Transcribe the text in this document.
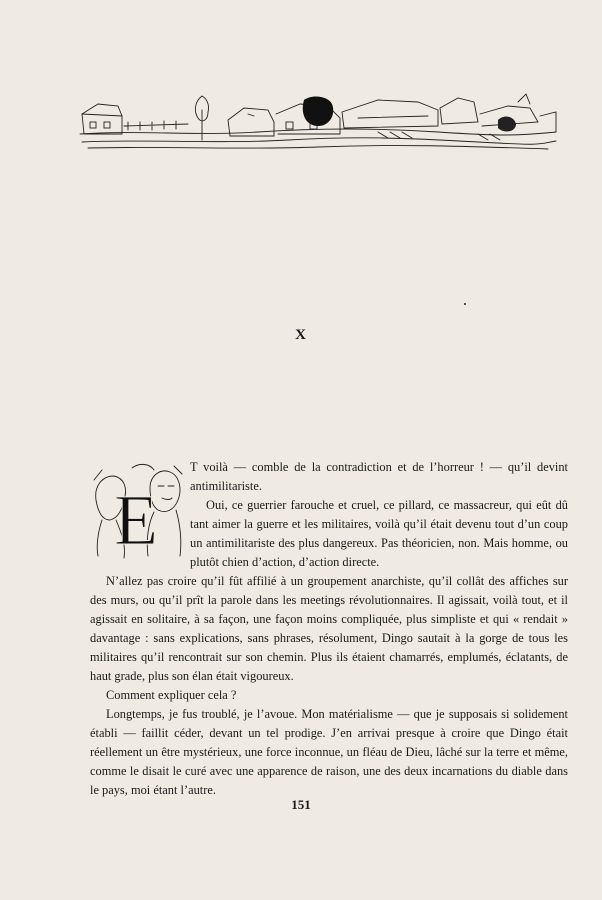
X
E

T voilà — comble de la contradiction et de l’horreur ! — qu’il devint antimilitariste.

Oui, ce guerrier farouche et cruel, ce pillard, ce massacreur, qui eût dû tant aimer la guerre et les militaires, voilà qu’il était devenu tout d’un coup un antimilitariste des plus dangereux. Pas théoricien, non. Mais homme, ou plutôt chien d’action, d’action directe.

N’allez pas croire qu’il fût affilié à un groupement anarchiste, qu’il collât des affiches sur des murs, ou qu’il prît la parole dans les meetings révolutionnaires. Il agissait, voilà tout, et il agissait en solitaire, à sa façon, une façon moins compliquée, plus simpliste et qui « rendait » davantage : sans explications, sans phrases, résolument, Dingo sautait à la gorge de tous les militaires qu’il rencontrait sur son chemin. Plus ils étaient chamarrés, emplumés, éclatants, de haut grade, plus son élan était vigoureux.

Comment expliquer cela ?

Longtemps, je fus troublé, je l’avoue. Mon matérialisme — que je supposais si solidement établi — faillit céder, devant un tel prodige. J’en arrivai presque à croire que Dingo était réellement un être mystérieux, une force inconnue, un fléau de Dieu, lâché sur la terre et même, comme le disait le curé avec une apparence de raison, une des deux incarnations du diable dans le pays, moi étant l’autre.

151
